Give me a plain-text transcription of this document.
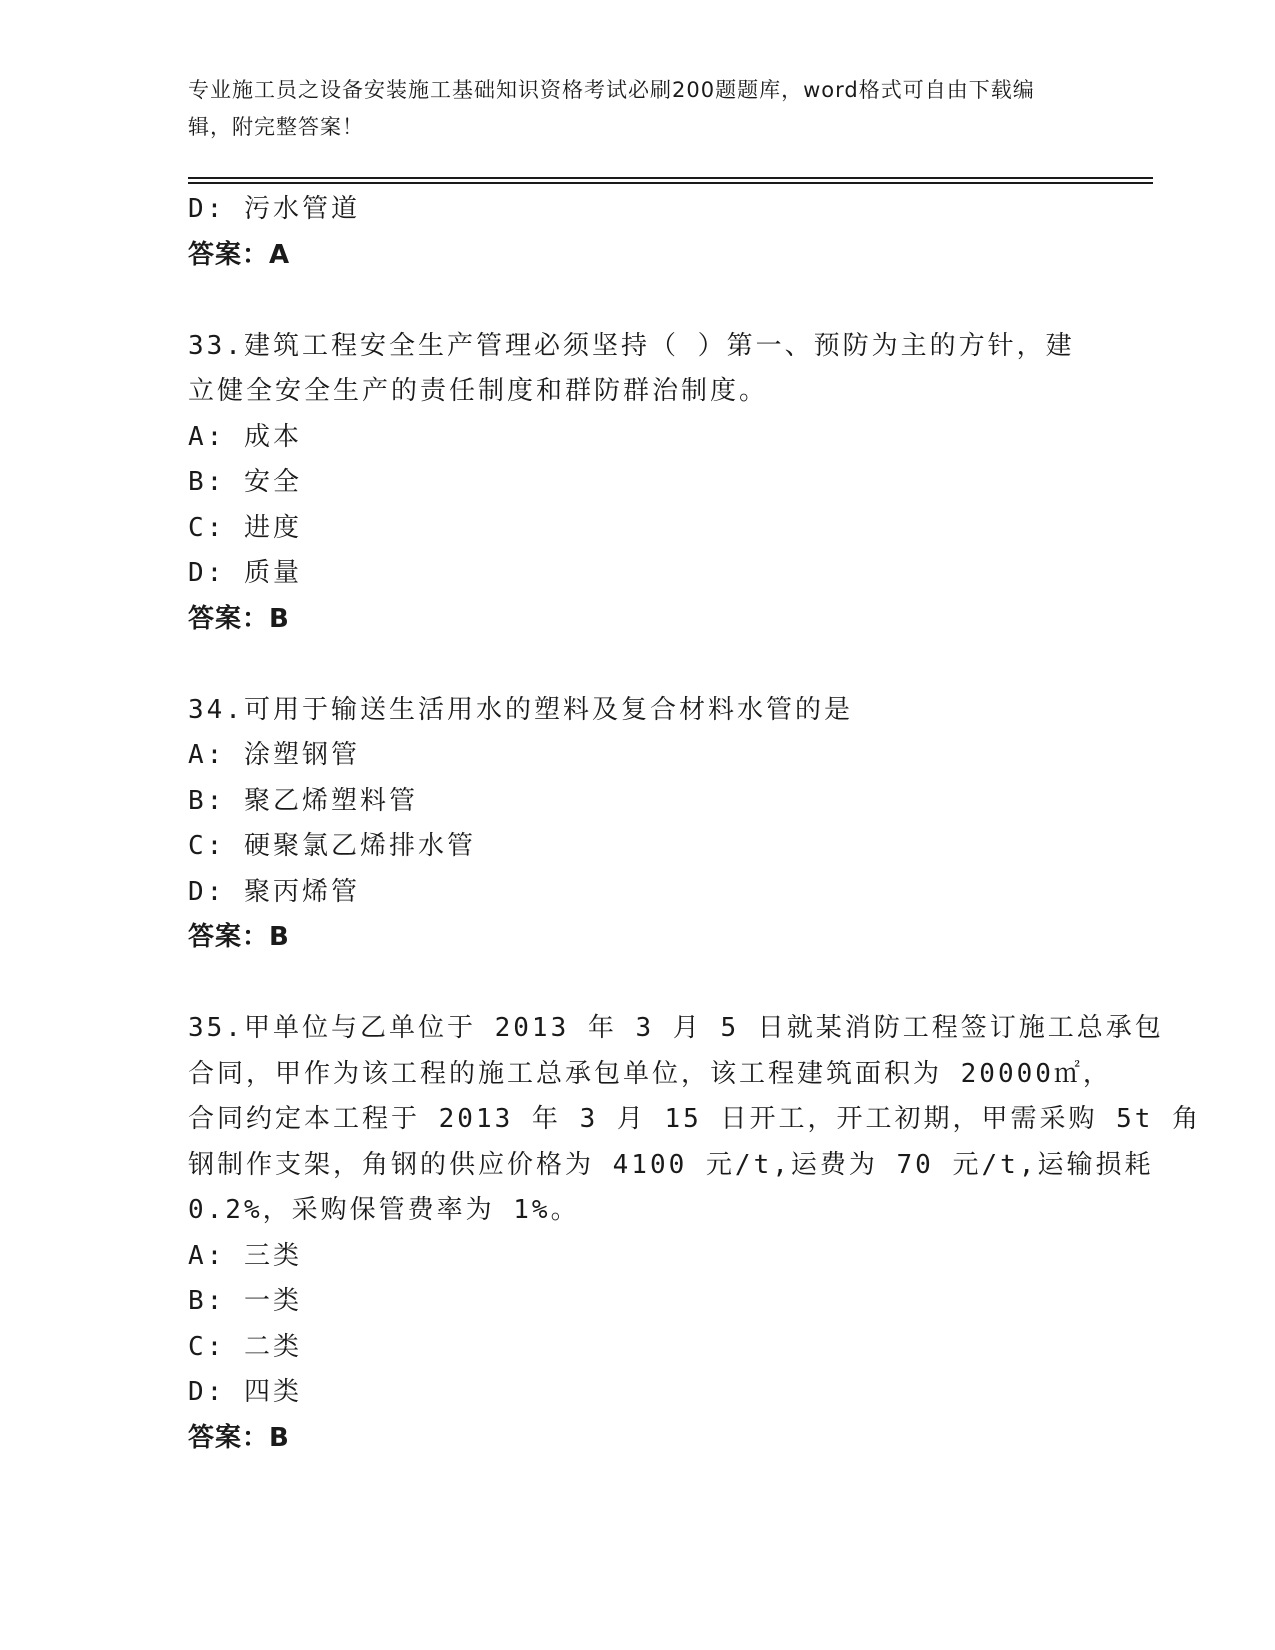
专业施工员之设备安装施工基础知识资格考试必刷200题题库，word格式可自由下载编辑，附完整答案！
D: 污水管道
答案：A
33.建筑工程安全生产管理必须坚持（ ）第一、预防为主的方针，建
立健全安全生产的责任制度和群防群治制度。
A: 成本
B: 安全
C: 进度
D: 质量
答案：B
34.可用于输送生活用水的塑料及复合材料水管的是
A: 涂塑钢管
B: 聚乙烯塑料管
C: 硬聚氯乙烯排水管
D: 聚丙烯管
答案：B
35.甲单位与乙单位于 2013 年 3 月 5 日就某消防工程签订施工总承包
合同，甲作为该工程的施工总承包单位，该工程建筑面积为 20000㎡，
合同约定本工程于 2013 年 3 月 15 日开工，开工初期，甲需采购 5t 角
钢制作支架，角钢的供应价格为 4100 元/t,运费为 70 元/t,运输损耗
0.2%，采购保管费率为 1%。
A: 三类
B: 一类
C: 二类
D: 四类
答案：B
